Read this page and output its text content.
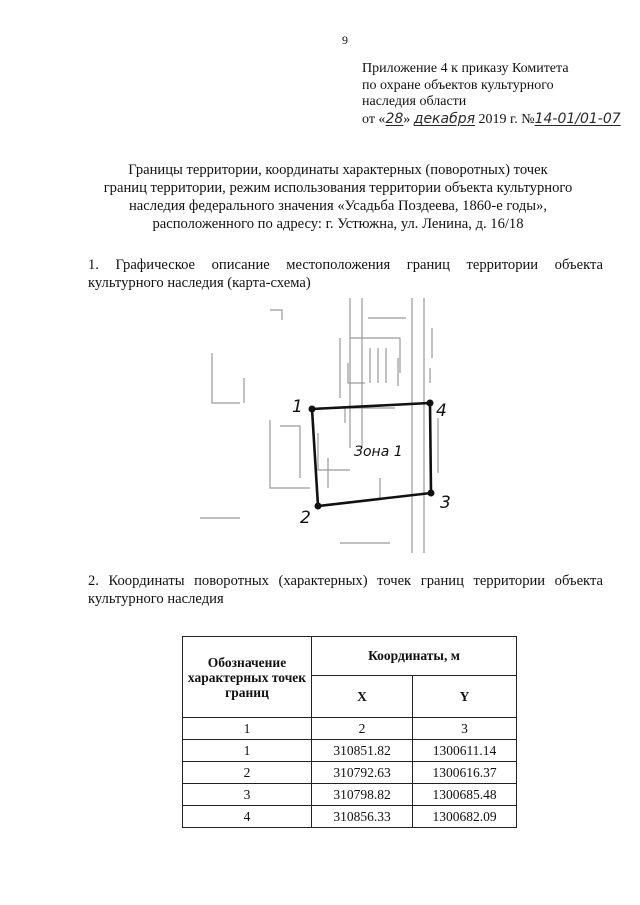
9
Приложение 4 к приказу Комитета
по охране объектов культурного
наследия области
от «28» декабря 2019 г. №14-01/01-07
Границы территории, координаты характерных (поворотных) точек
границ территории, режим использования территории объекта культурного
наследия федерального значения «Усадьба Поздеева, 1860-е годы»,
расположенного по адресу: г. Устюжна, ул. Ленина, д. 16/18
1. Графическое описание местоположения границ территории объекта культурного наследия (карта-схема)
Зона 1
1
2
3
4
2. Координаты поворотных (характерных) точек границ территории объекта культурного наследия
Обозначение характерных точек границ	Координаты, м	
	X	Y
1	2	3
1	310851.82	1300611.14
2	310792.63	1300616.37
3	310798.82	1300685.48
4	310856.33	1300682.09
